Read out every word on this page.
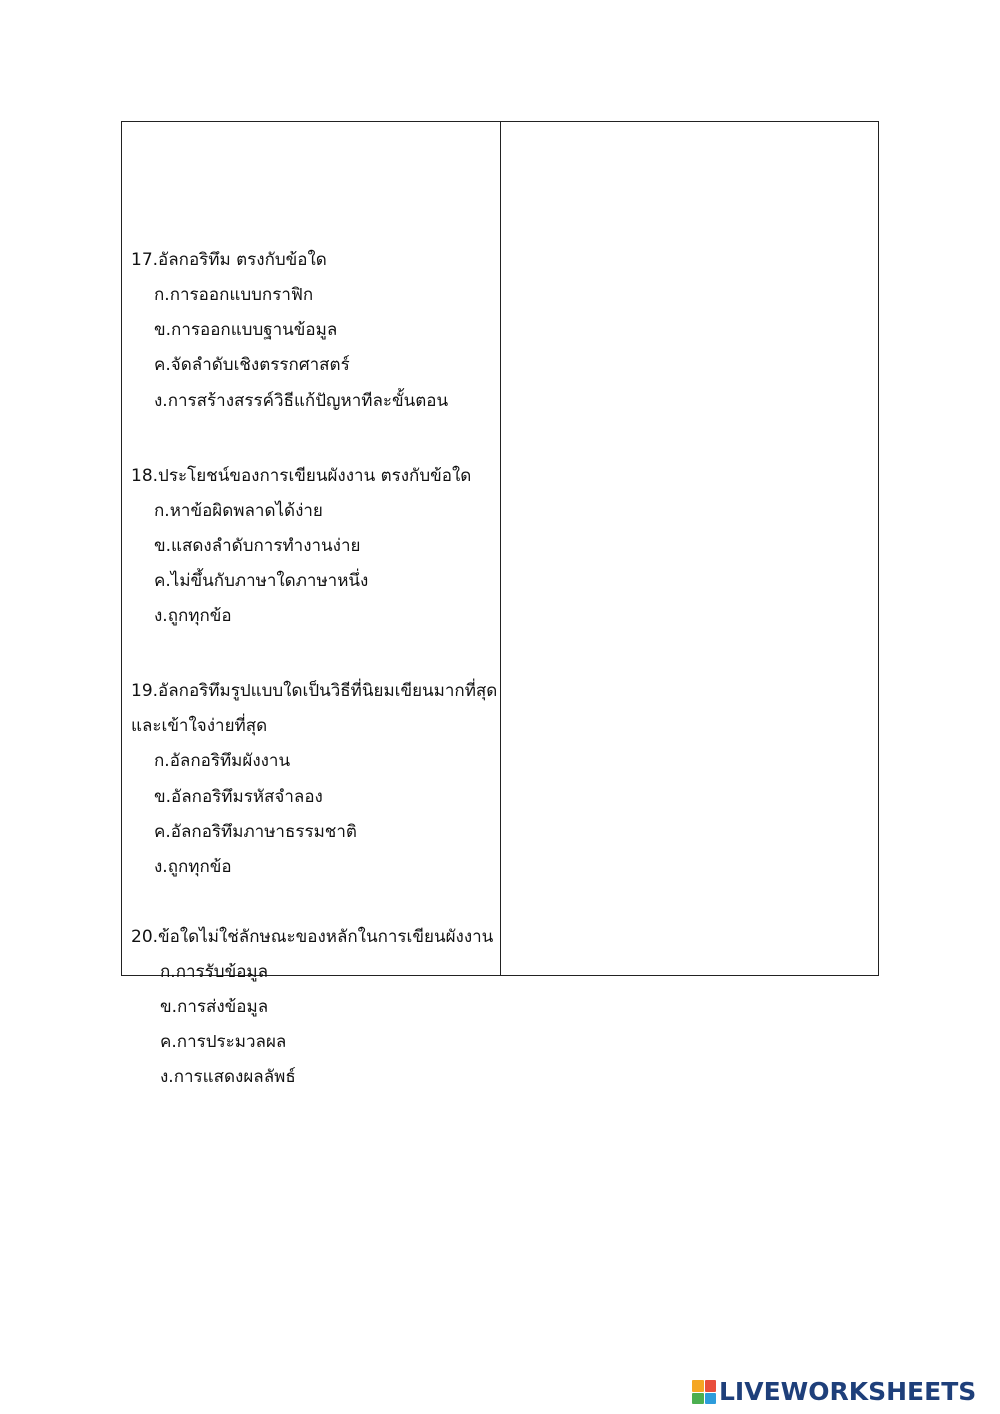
17.อัลกอริทึม ตรงกับข้อใด
ก.การออกแบบกราฟิก
ข.การออกแบบฐานข้อมูล
ค.จัดลำดับเชิงตรรกศาสตร์
ง.การสร้างสรรค์วิธีแก้ปัญหาทีละขั้นตอน
18.ประโยชน์ของการเขียนผังงาน ตรงกับข้อใด
ก.หาข้อผิดพลาดได้ง่าย
ข.แสดงลำดับการทำงานง่าย
ค.ไม่ขึ้นกับภาษาใดภาษาหนึ่ง
ง.ถูกทุกข้อ
19.อัลกอริทึมรูปแบบใดเป็นวิธีที่นิยมเขียนมากที่สุด
และเข้าใจง่ายที่สุด
ก.อัลกอริทึมผังงาน
ข.อัลกอริทึมรหัสจำลอง
ค.อัลกอริทึมภาษาธรรมชาติ
ง.ถูกทุกข้อ
20.ข้อใดไม่ใช่ลักษณะของหลักในการเขียนผังงาน
ก.การรับข้อมูล
ข.การส่งข้อมูล
ค.การประมวลผล
ง.การแสดงผลลัพธ์
LIVEWORKSHEETS
